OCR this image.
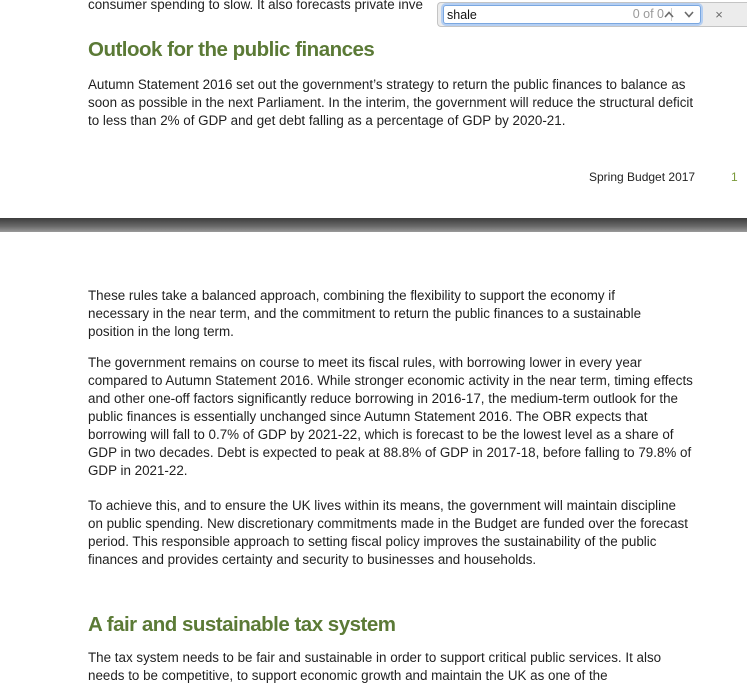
consumer spending to slow. It also forecasts private inve

Outlook for the public finances

Autumn Statement 2016 set out the government’s strategy to return the public finances to balance as soon as possible in the next Parliament. In the interim, the government will reduce the structural deficit to less than 2% of GDP and get debt falling as a percentage of GDP by 2020-21.

Spring Budget 2017	1

These rules take a balanced approach, combining the flexibility to support the economy if necessary in the near term, and the commitment to return the public finances to a sustainable position in the long term.

The government remains on course to meet its fiscal rules, with borrowing lower in every year compared to Autumn Statement 2016. While stronger economic activity in the near term, timing effects and other one-off factors significantly reduce borrowing in 2016-17, the medium-term outlook for the public finances is essentially unchanged since Autumn Statement 2016. The OBR expects that borrowing will fall to 0.7% of GDP by 2021-22, which is forecast to be the lowest level as a share of GDP in two decades. Debt is expected to peak at 88.8% of GDP in 2017-18, before falling to 79.8% of GDP in 2021-22.

To achieve this, and to ensure the UK lives within its means, the government will maintain discipline on public spending. New discretionary commitments made in the Budget are funded over the forecast period. This responsible approach to setting fiscal policy improves the sustainability of the public finances and provides certainty and security to businesses and households.

A fair and sustainable tax system

The tax system needs to be fair and sustainable in order to support critical public services. It also needs to be competitive, to support economic growth and maintain the UK as one of the

shale
0 of 0	×
